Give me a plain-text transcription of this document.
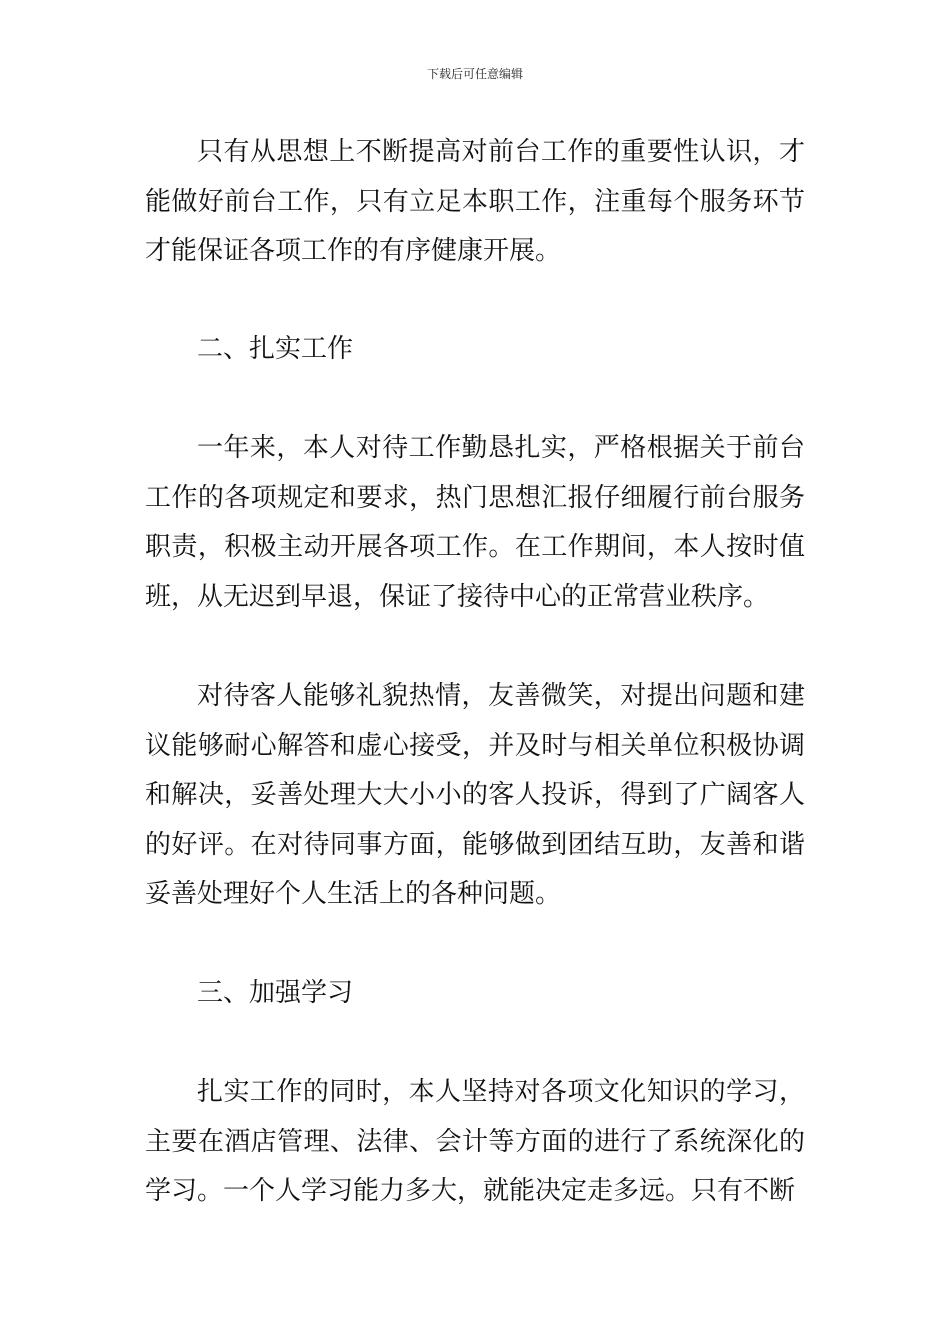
下载后可任意编辑

只有从思想上不断提高对前台工作的重要性认识，才能做好前台工作，只有立足本职工作，注重每个服务环节才能保证各项工作的有序健康开展。

二、扎实工作

一年来，本人对待工作勤恳扎实，严格根据关于前台工作的各项规定和要求，热门思想汇报仔细履行前台服务职责，积极主动开展各项工作。在工作期间，本人按时值班，从无迟到早退，保证了接待中心的正常营业秩序。

对待客人能够礼貌热情，友善微笑，对提出问题和建议能够耐心解答和虚心接受，并及时与相关单位积极协调和解决，妥善处理大大小小的客人投诉，得到了广阔客人的好评。在对待同事方面，能够做到团结互助，友善和谐妥善处理好个人生活上的各种问题。

三、加强学习

扎实工作的同时，本人坚持对各项文化知识的学习，主要在酒店管理、法律、会计等方面的进行了系统深化的学习。一个人学习能力多大，就能决定走多远。只有不断
